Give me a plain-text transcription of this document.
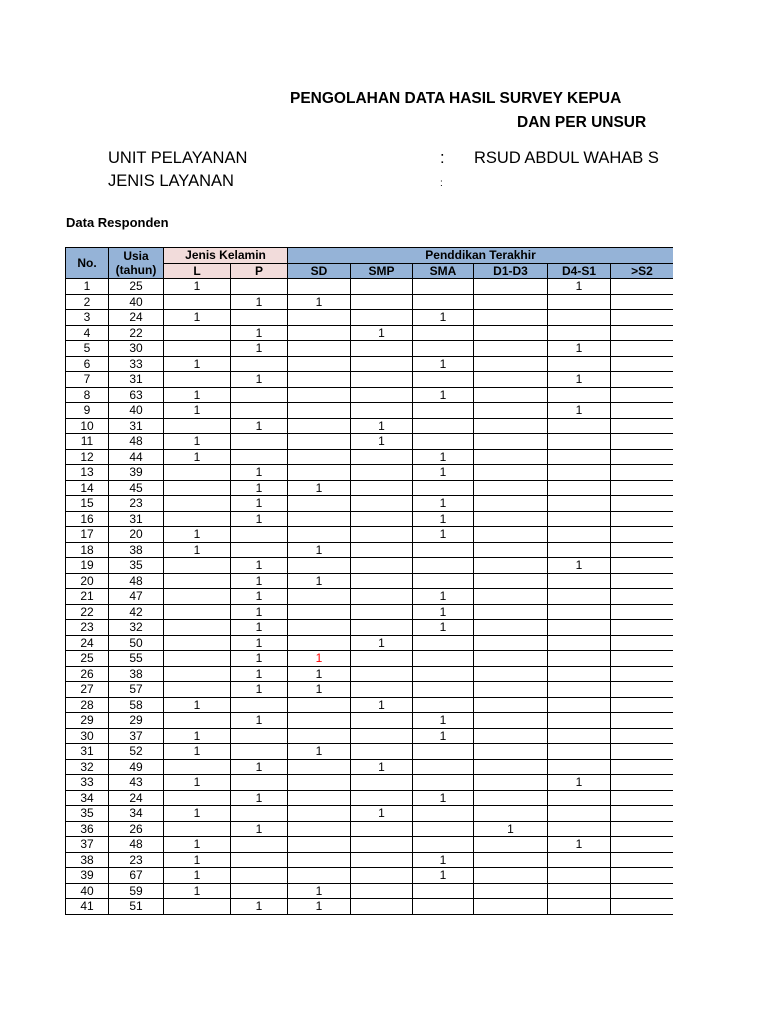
PENGOLAHAN DATA HASIL SURVEY KEPUA
DAN PER UNSUR
UNIT PELAYANAN	: RSUD ABDUL WAHAB S
JENIS LAYANAN	:
Data Responden
No.	Usia
(tahun)	Jenis Kelamin		Penddikan Terakhir					
		L	P	SD	SMP	SMA	D1-D3	D4-S1	>S2
1	25	1						1	
2	40		1	1					
3	24	1				1			
4	22		1		1				
5	30		1					1	
6	33	1				1			
7	31		1					1	
8	63	1				1			
9	40	1						1	
10	31		1		1				
11	48	1			1				
12	44	1				1			
13	39		1			1			
14	45		1	1					
15	23		1			1			
16	31		1			1			
17	20	1				1			
18	38	1		1					
19	35		1					1	
20	48		1	1					
21	47		1			1			
22	42		1			1			
23	32		1			1			
24	50		1		1				
25	55		1	1					
26	38		1	1					
27	57		1	1					
28	58	1			1				
29	29		1			1			
30	37	1				1			
31	52	1		1					
32	49		1		1				
33	43	1						1	
34	24		1			1			
35	34	1			1				
36	26		1				1		
37	48	1						1	
38	23	1				1			
39	67	1				1			
40	59	1		1					
41	51		1	1					
